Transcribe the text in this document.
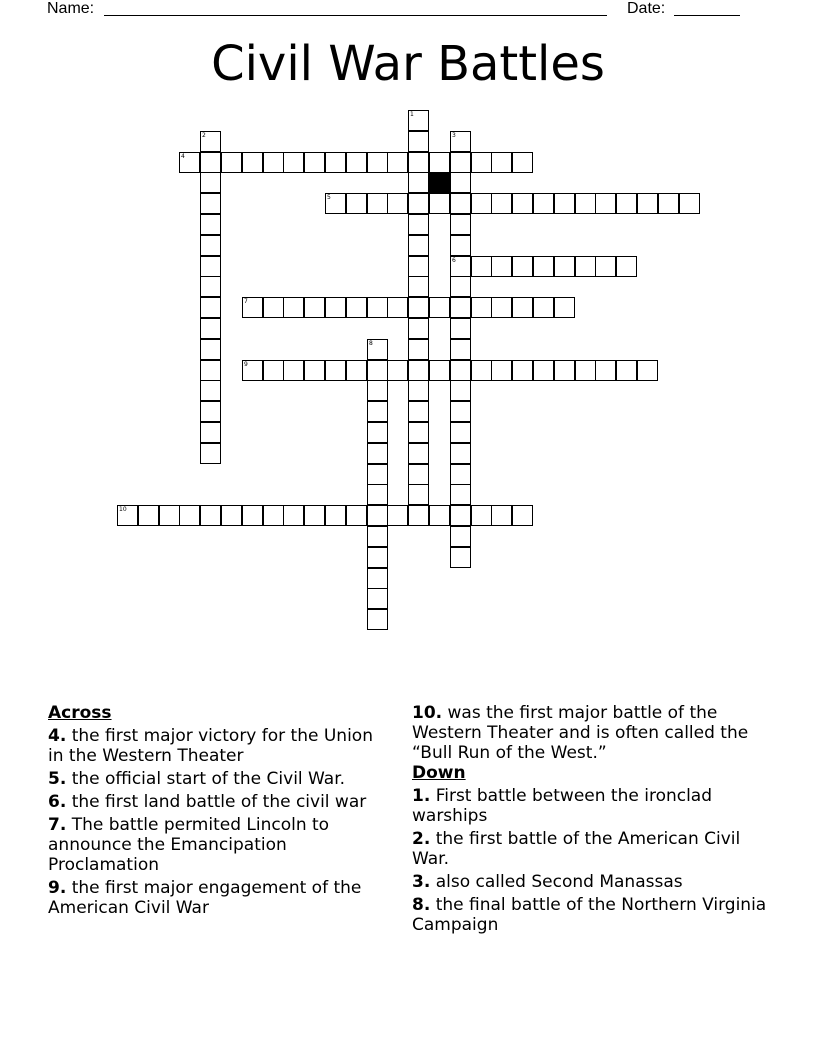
Name:	Date:
Civil War Battles
1
2	3
6
4
5
7
8
9
10
Across
4. the first major victory for the Union in the Western Theater
5. the official start of the Civil War.
6. the first land battle of the civil war
7. The battle permited Lincoln to announce the Emancipation Proclamation
9. the first major engagement of the American Civil War
10. was the first major battle of the Western Theater and is often called the “Bull Run of the West.”
Down
1. First battle between the ironclad warships
2. the first battle of the American Civil War.
3. also called Second Manassas
8. the final battle of the Northern Virginia Campaign
